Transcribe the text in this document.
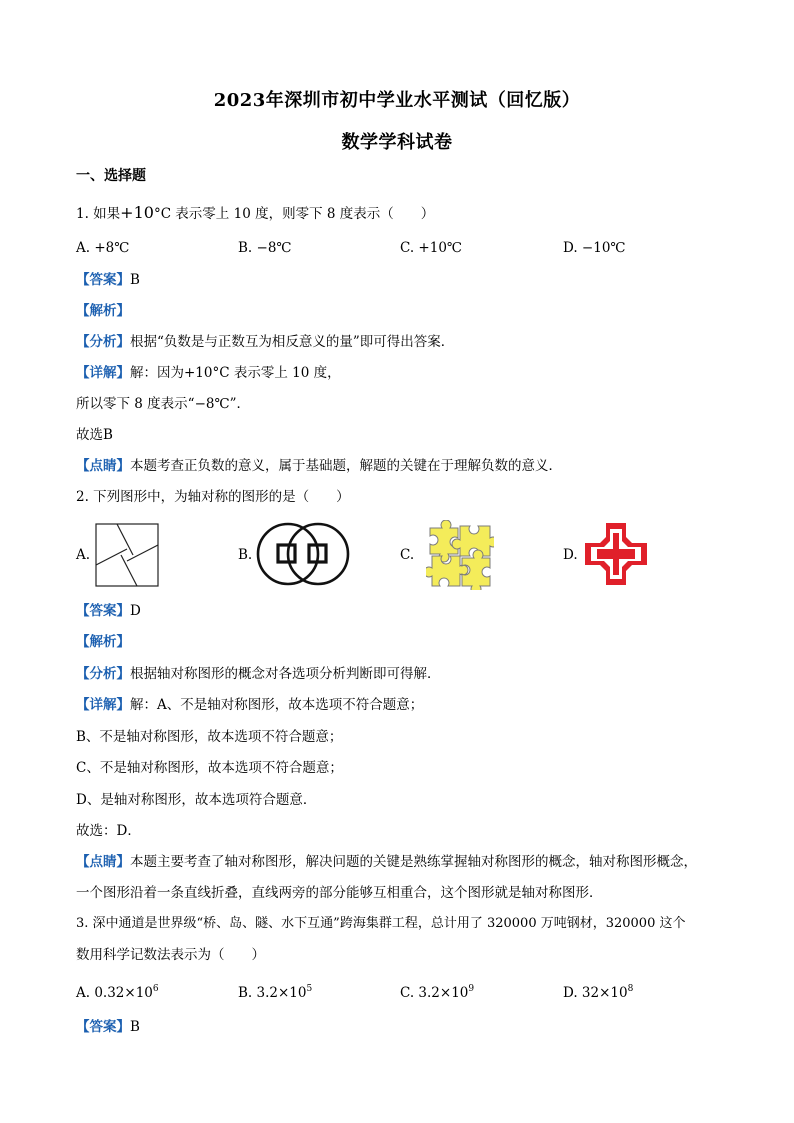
2023年深圳市初中学业水平测试（回忆版）
数学学科试卷
一、选择题
1. 如果+10°C 表示零上 10 度，则零下 8 度表示（　　）
A. +8℃	B. −8℃	C. +10℃	D. −10℃
【答案】B
【解析】
【分析】根据“负数是与正数互为相反意义的量”即可得出答案．
【详解】解：因为+10°C 表示零上 10 度，
所以零下 8 度表示“−8℃”．
故选B
【点睛】本题考查正负数的意义，属于基础题，解题的关键在于理解负数的意义．
2. 下列图形中，为轴对称的图形的是（　　）
A.	B.	C.	D.
【答案】D
【解析】
【分析】根据轴对称图形的概念对各选项分析判断即可得解．
【详解】解：A、不是轴对称图形，故本选项不符合题意；
B、不是轴对称图形，故本选项不符合题意；
C、不是轴对称图形，故本选项不符合题意；
D、是轴对称图形，故本选项符合题意．
故选：D．
【点睛】本题主要考查了轴对称图形，解决问题的关键是熟练掌握轴对称图形的概念，轴对称图形概念，
一个图形沿着一条直线折叠，直线两旁的部分能够互相重合，这个图形就是轴对称图形．
3. 深中通道是世界级“桥、岛、隧、水下互通”跨海集群工程，总计用了 320000 万吨钢材，320000 这个
数用科学记数法表示为（　　）
A. $0.32\times 10^6$	B. $3.2\times 10^5$	C. $3.2\times 10^9$	D. $32\times 10^8$
【答案】B
